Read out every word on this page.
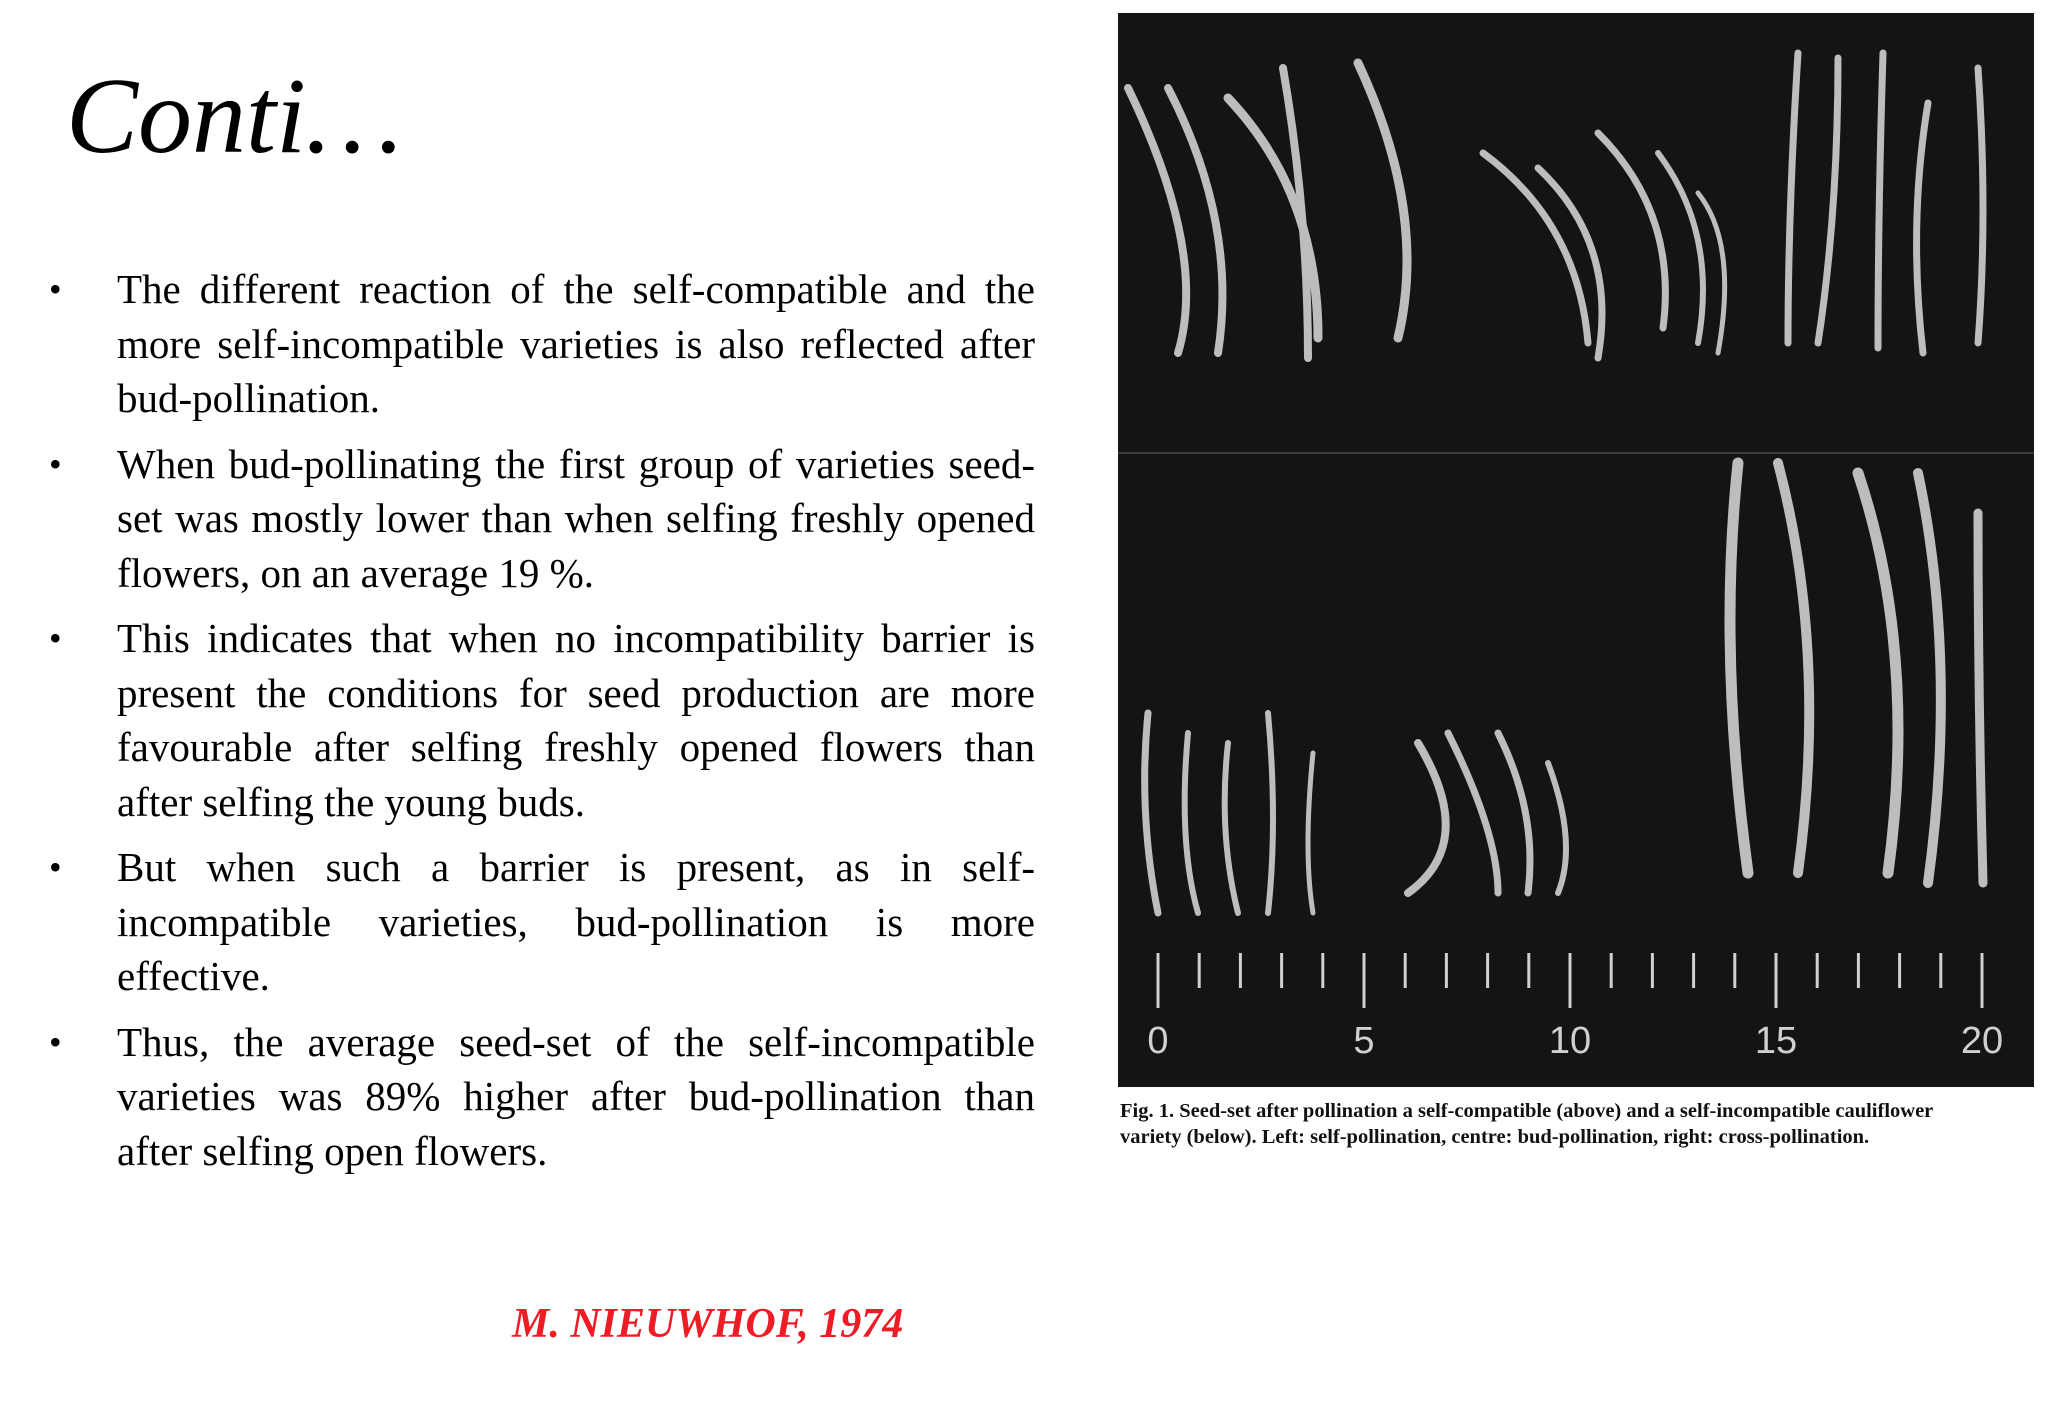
Conti…
• The different reaction of the self-compatible and the more self-incompatible varieties is also reflected after bud-pollination.
• When bud-pollinating the first group of varieties seed-set was mostly lower than when selfing freshly opened flowers, on an average 19 %.
• This indicates that when no incompatibility barrier is present the conditions for seed production are more favourable after selfing freshly opened flowers than after selfing the young buds.
• But when such a barrier is present, as in self-incompatible varieties, bud-pollination is more effective.
• Thus, the average seed-set of the self-incompatible varieties was 89% higher after bud-pollination than after selfing open flowers.
M. NIEUWHOF, 1974
0	5	10	15	20
Fig. 1. Seed-set after pollination a self-compatible (above) and a self-incompatible cauliflower
variety (below). Left: self-pollination, centre: bud-pollination, right: cross-pollination.
